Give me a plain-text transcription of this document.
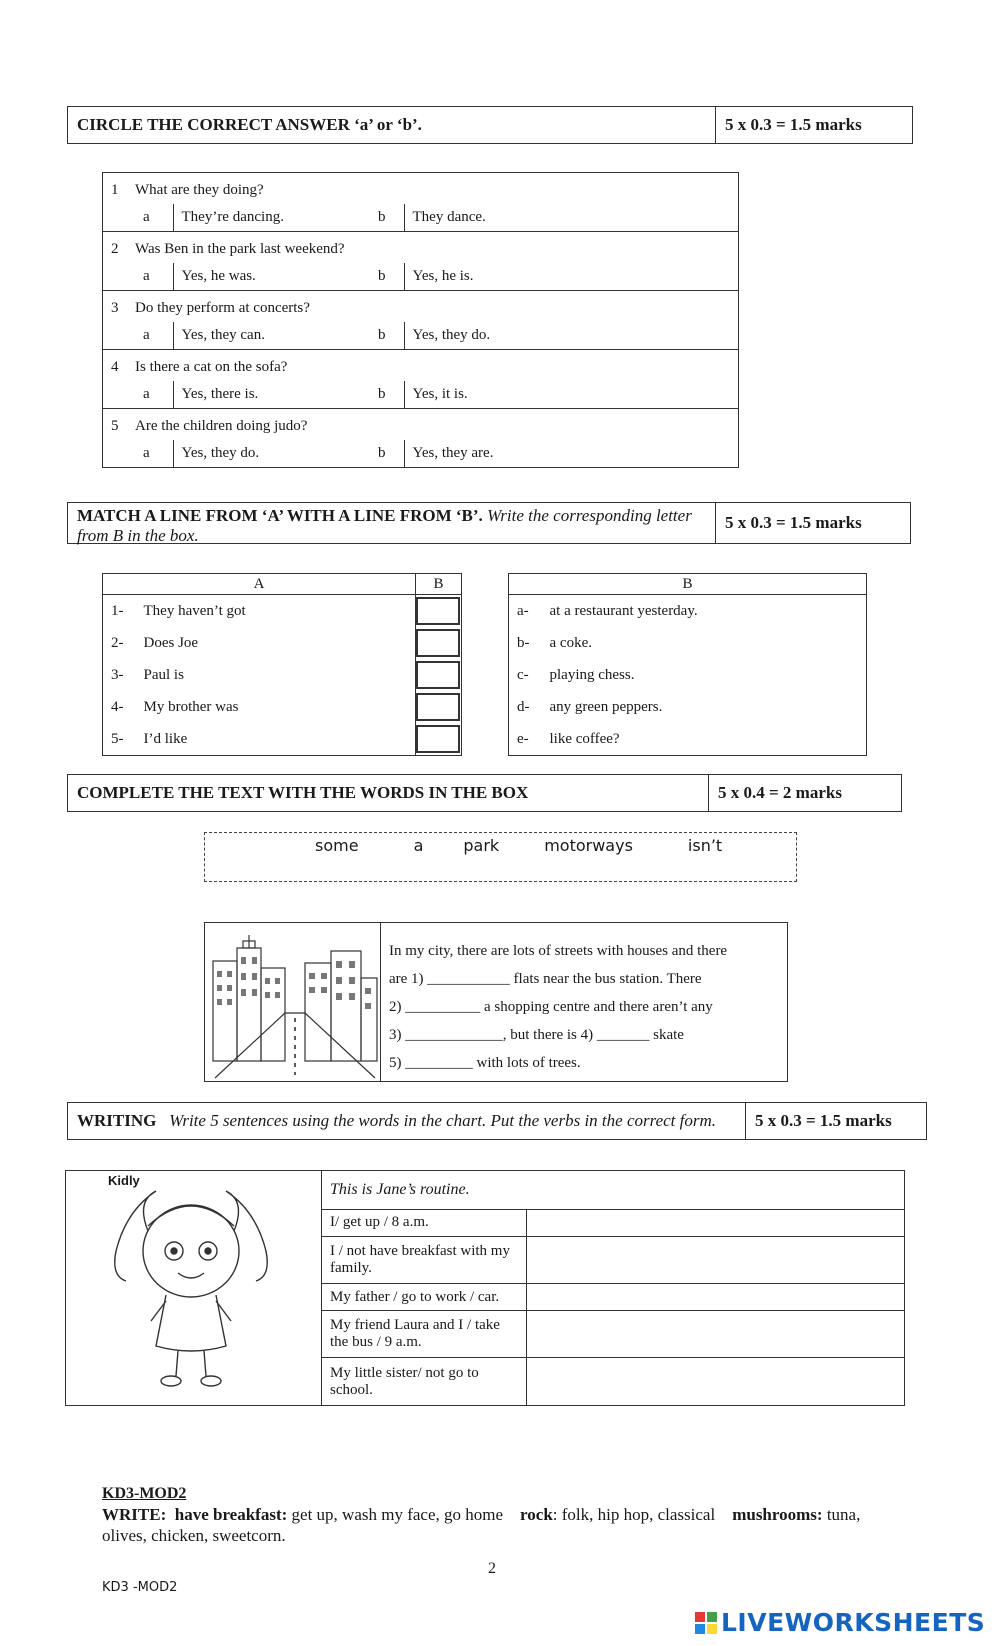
CIRCLE THE CORRECT ANSWER ‘a’ or ‘b’.	5 x 0.3 = 1.5 marks
1	What are they doing?			
	a	They’re dancing.	b	They dance.
2	Was Ben in the park last weekend?			
	a	Yes, he was.	b	Yes, he is.
3	Do they perform at concerts?			
	a	Yes, they can.	b	Yes, they do.
4	Is there a cat on the sofa?			
	a	Yes, there is.	b	Yes, it is.
5	Are the children doing judo?			
	a	Yes, they do.	b	Yes, they are.
MATCH A LINE FROM ‘A’ WITH A LINE FROM ‘B’. Write the corresponding letter from B in the box.
5 x 0.3 = 1.5 marks
A		B
1-	They haven’t got	

2-	Does Joe	

3-	Paul is	

4-	My brother was	

5-	I’d like	
B	
a-	at a restaurant yesterday.
b-	a coke.
c-	playing chess.
d-	any green peppers.
e-	like coffee?
COMPLETE THE TEXT WITH THE WORDS IN THE BOX	5 x 0.4 = 2 marks
some	a	park	motorways	isn’t
In my city, there are lots of streets with houses and there
are 1) ___________ flats near the bus station. There
2) __________ a shopping centre and there aren’t any
3) _____________, but there is 4) _______ skate
5) _________ with lots of trees.
WRITING Write 5 sentences using the words in the chart. Put the verbs in the correct form.	5 x 0.3 = 1.5 marks
Kidly	This is Jane’s routine.	
	I/ get up / 8 a.m.	
	I / not have breakfast with my family.	
	My father / go to work / car.	
	My friend Laura and I / take the bus / 9 a.m.	
	My little sister/ not go to school.	
KD3-MOD2
WRITE: have breakfast: get up, wash my face, go home rock: folk, hip hop, classical mushrooms: tuna, olives, chicken, sweetcorn.
2
KD3 -MOD2
LIVEWORKSHEETS
